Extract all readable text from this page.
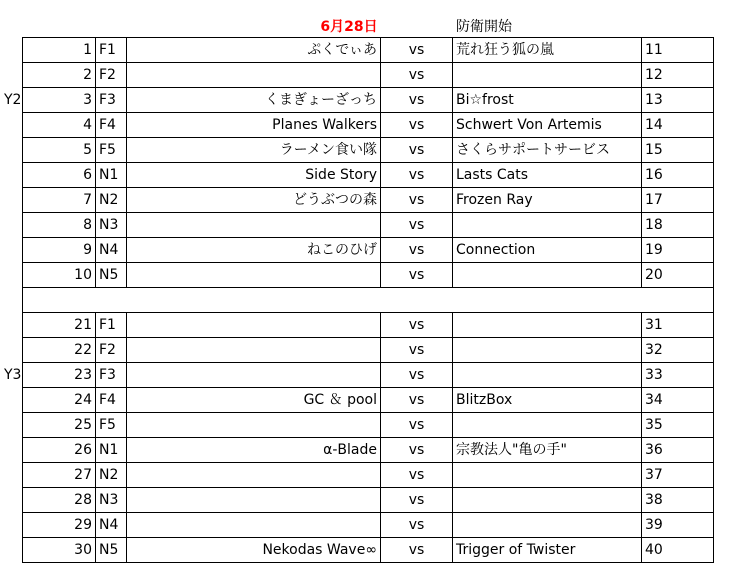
6月28日	防衛開始
Y2
Y3
1	F1	ぷくでぃあ	vs	荒れ狂う狐の嵐	11
2	F2		vs		12
3	F3	くまぎょーざっち	vs	Bi☆frost	13
4	F4	Planes Walkers	vs	Schwert Von Artemis	14
5	F5	ラーメン食い隊	vs	さくらサポートサービス	15
6	N1	Side Story	vs	Lasts Cats	16
7	N2	どうぶつの森	vs	Frozen Ray	17
8	N3		vs		18
9	N4	ねこのひげ	vs	Connection	19
10	N5		vs		20

21	F1		vs		31
22	F2		vs		32
23	F3		vs		33
24	F4	GC ＆ pool	vs	BlitzBox	34
25	F5		vs		35
26	N1	α-Blade	vs	宗教法人"亀の手"	36
27	N2		vs		37
28	N3		vs		38
29	N4		vs		39
30	N5	Nekodas Wave∞	vs	Trigger of Twister	40
